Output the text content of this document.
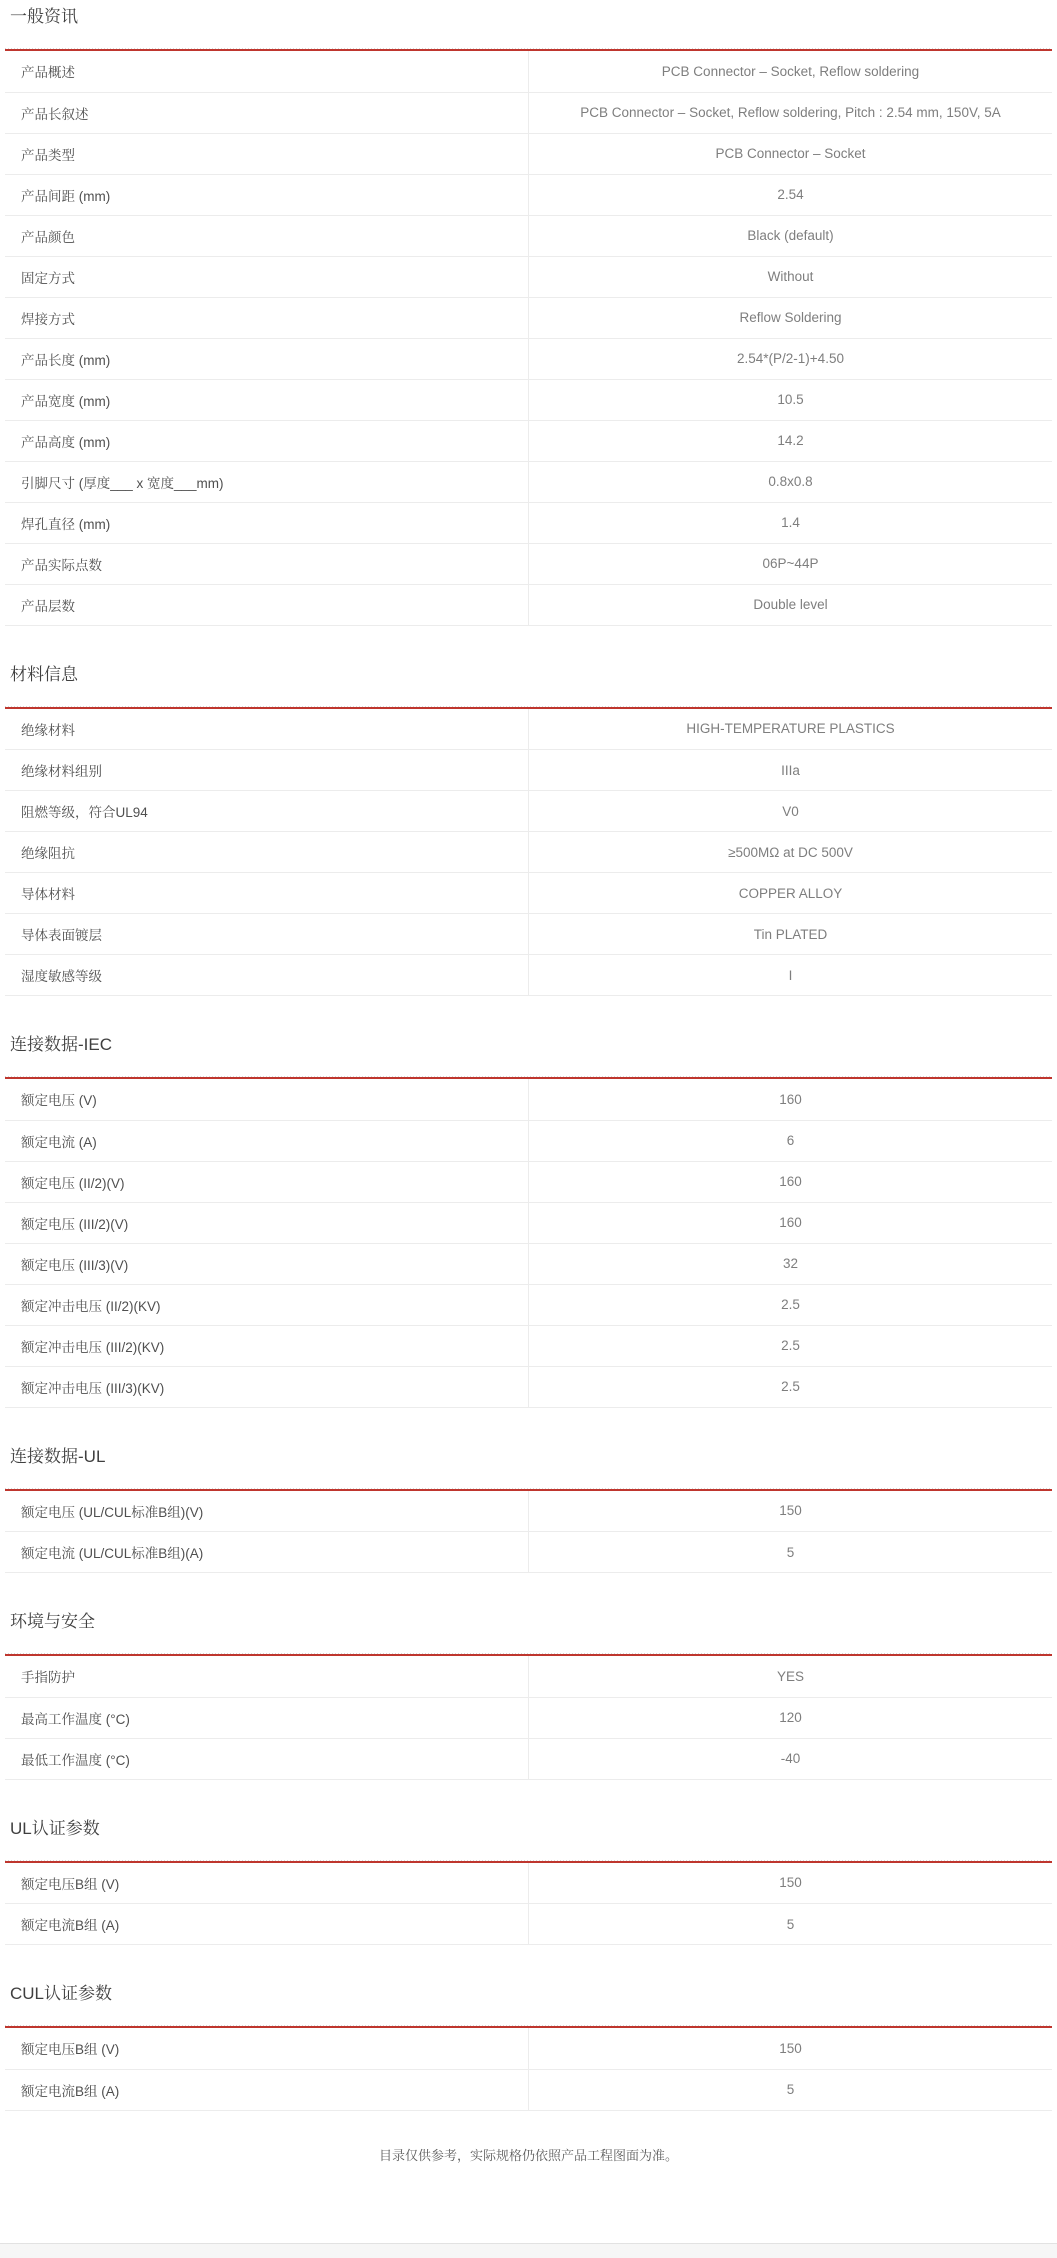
一般资讯
产品概述	PCB Connector – Socket, Reflow soldering
产品长叙述	PCB Connector – Socket, Reflow soldering, Pitch : 2.54 mm, 150V, 5A
产品类型	PCB Connector – Socket
产品间距 (mm)	2.54
产品颜色	Black (default)
固定方式	Without
焊接方式	Reflow Soldering
产品长度 (mm)	2.54*(P/2-1)+4.50
产品宽度 (mm)	10.5
产品高度 (mm)	14.2
引脚尺寸 (厚度___ x 宽度___mm)	0.8x0.8
焊孔直径 (mm)	1.4
产品实际点数	06P~44P
产品层数	Double level
材料信息
绝缘材料	HIGH-TEMPERATURE PLASTICS
绝缘材料组别	IIIa
阻燃等级，符合UL94	V0
绝缘阻抗	≥500MΩ at DC 500V
导体材料	COPPER ALLOY
导体表面镀层	Tin PLATED
湿度敏感等级	I
连接数据-IEC
额定电压 (V)	160
额定电流 (A)	6
额定电压 (II/2)(V)	160
额定电压 (III/2)(V)	160
额定电压 (III/3)(V)	32
额定冲击电压 (II/2)(KV)	2.5
额定冲击电压 (III/2)(KV)	2.5
额定冲击电压 (III/3)(KV)	2.5
连接数据-UL
额定电压 (UL/CUL标准B组)(V)	150
额定电流 (UL/CUL标准B组)(A)	5
环境与安全
手指防护	YES
最高工作温度 (°C)	120
最低工作温度 (°C)	-40
UL认证参数
额定电压B组 (V)	150
额定电流B组 (A)	5
CUL认证参数
额定电压B组 (V)	150
额定电流B组 (A)	5
目录仅供参考，实际规格仍依照产品工程图面为准。
